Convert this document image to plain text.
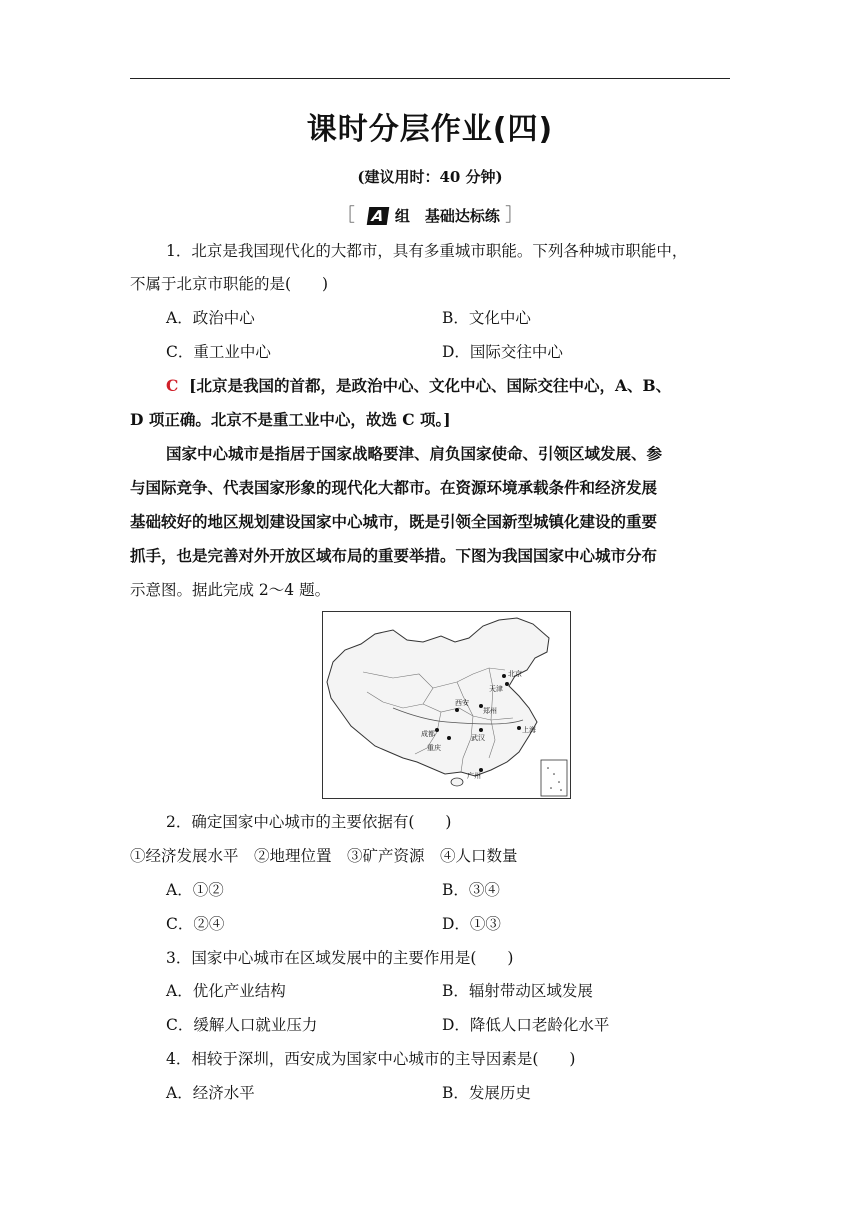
课时分层作业(四)
(建议用时：40 分钟)
［ A 组　基础达标练 ］
1．北京是我国现代化的大都市，具有多重城市职能。下列各种城市职能中，
不属于北京市职能的是(　　)
A．政治中心	B．文化中心
C．重工业中心	D．国际交往中心
C [北京是我国的首都，是政治中心、文化中心、国际交往中心，A、B、
D 项正确。北京不是重工业中心，故选 C 项。]
国家中心城市是指居于国家战略要津、肩负国家使命、引领区域发展、参
与国际竞争、代表国家形象的现代化大都市。在资源环境承载条件和经济发展
基础较好的地区规划建设国家中心城市，既是引领全国新型城镇化建设的重要
抓手，也是完善对外开放区域布局的重要举措。下图为我国国家中心城市分布
示意图。据此完成 2～4 题。
北京
天津
西安
郑州
成都
重庆
武汉
上海
广州
2．确定国家中心城市的主要依据有(　　)
①经济发展水平　②地理位置　③矿产资源　④人口数量
A．①②	B．③④
C．②④	D．①③
3．国家中心城市在区域发展中的主要作用是(　　)
A．优化产业结构	B．辐射带动区域发展
C．缓解人口就业压力	D．降低人口老龄化水平
4．相较于深圳，西安成为国家中心城市的主导因素是(　　)
A．经济水平	B．发展历史
